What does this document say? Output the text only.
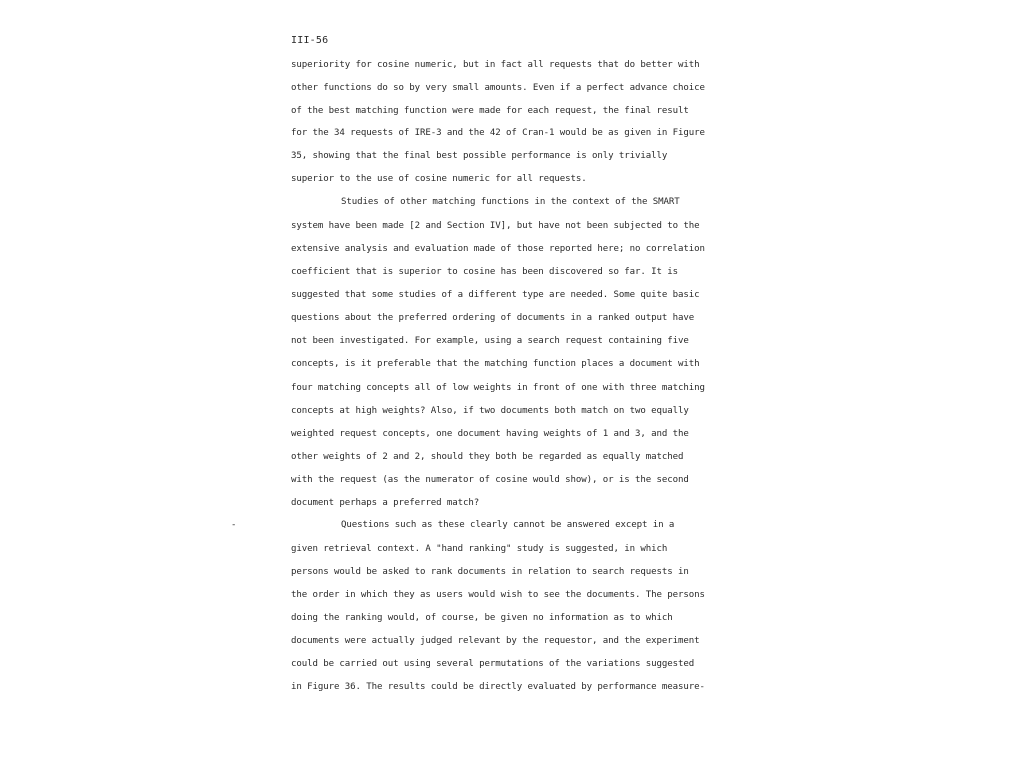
III-56
superiority for cosine numeric, but in fact all requests that do better with
other functions do so by very small amounts. Even if a perfect advance choice
of the best matching function were made for each request, the final result
for the 34 requests of IRE-3 and the 42 of Cran-1 would be as given in Figure
35, showing that the final best possible performance is only trivially
superior to the use of cosine numeric for all requests.
Studies of other matching functions in the context of the SMART
system have been made [2 and Section IV], but have not been subjected to the
extensive analysis and evaluation made of those reported here; no correlation
coefficient that is superior to cosine has been discovered so far. It is
suggested that some studies of a different type are needed. Some quite basic
questions about the preferred ordering of documents in a ranked output have
not been investigated. For example, using a search request containing five
concepts, is it preferable that the matching function places a document with
four matching concepts all of low weights in front of one with three matching
concepts at high weights? Also, if two documents both match on two equally
weighted request concepts, one document having weights of 1 and 3, and the
other weights of 2 and 2, should they both be regarded as equally matched
with the request (as the numerator of cosine would show), or is the second
document perhaps a preferred match?
-	Questions such as these clearly cannot be answered except in a
given retrieval context. A "hand ranking" study is suggested, in which
persons would be asked to rank documents in relation to search requests in
the order in which they as users would wish to see the documents. The persons
doing the ranking would, of course, be given no information as to which
documents were actually judged relevant by the requestor, and the experiment
could be carried out using several permutations of the variations suggested
in Figure 36. The results could be directly evaluated by performance measure-
